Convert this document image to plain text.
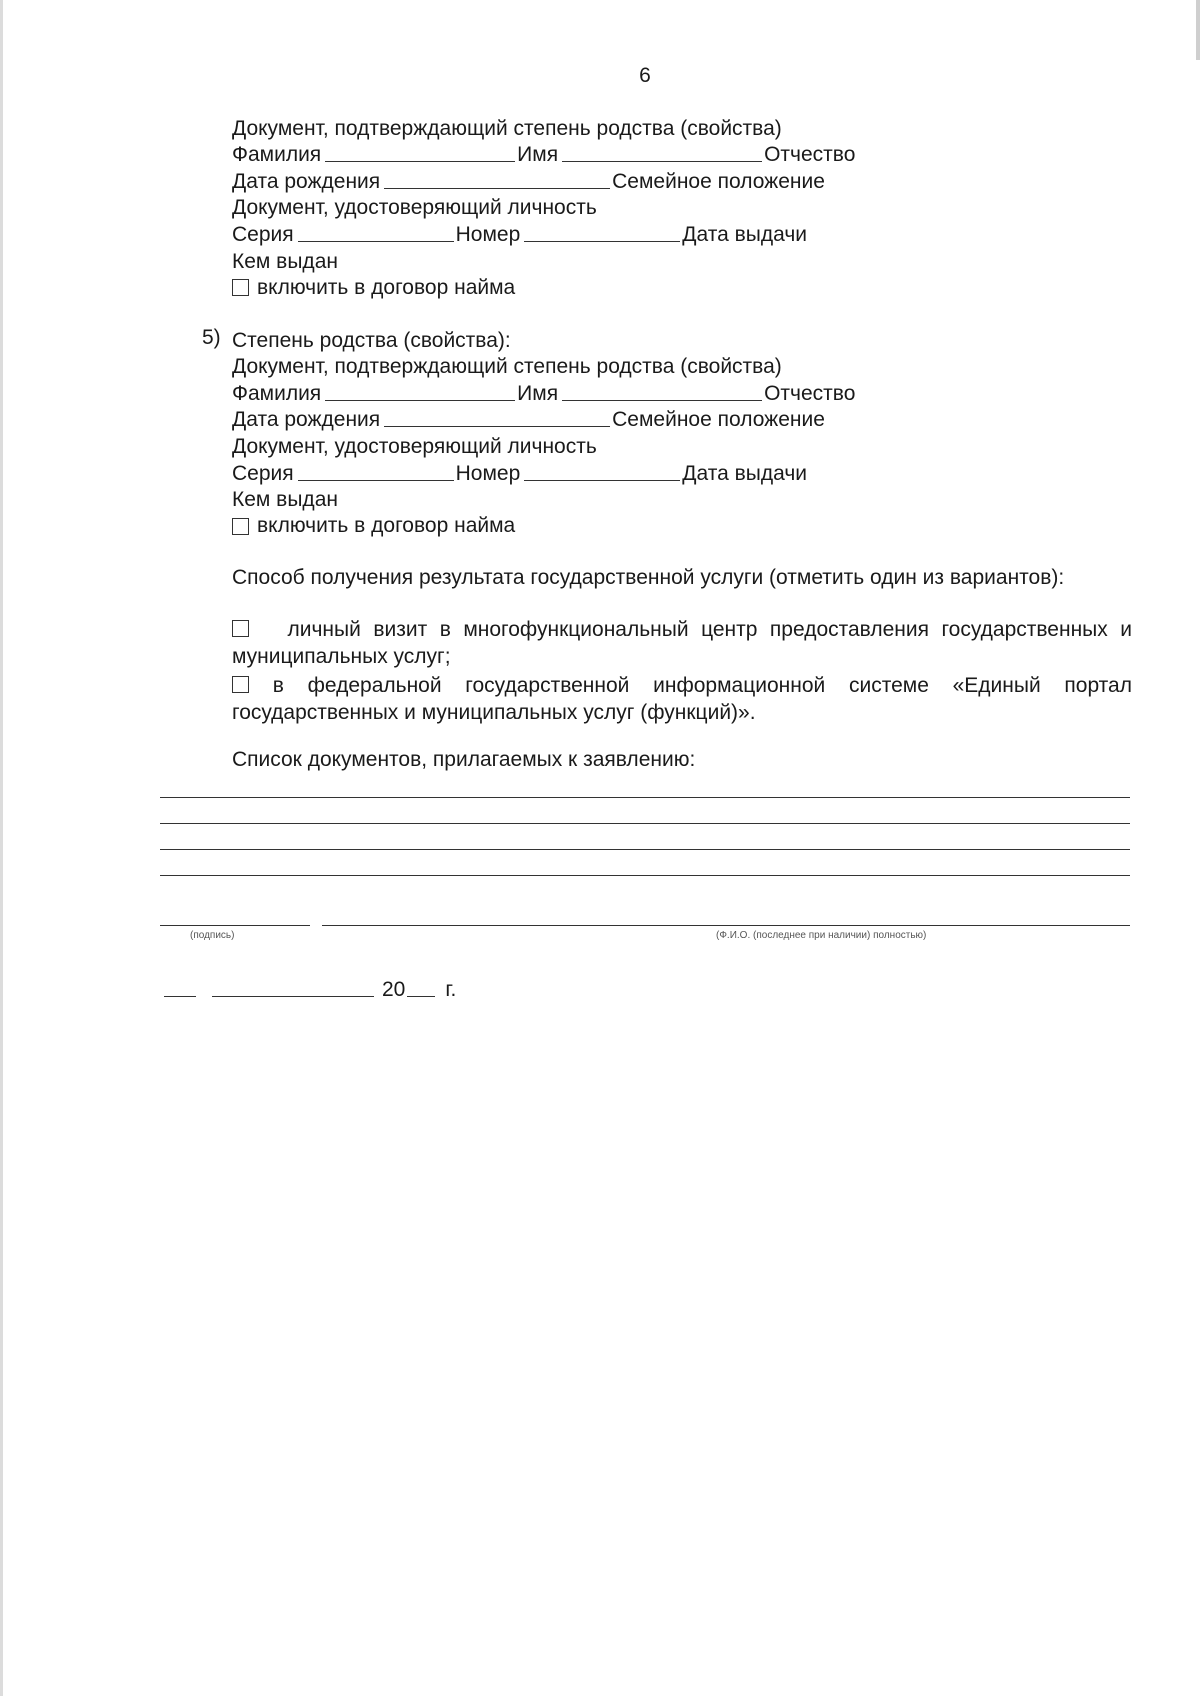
6
Документ, подтверждающий степень родства (свойства)
Фамилия	Имя	Отчество
Дата рождения	Семейное положение
Документ, удостоверяющий личность
Серия	Номер	Дата выдачи
Кем выдан
включить в договор найма
5) Степень родства (свойства):
Документ, подтверждающий степень родства (свойства)
Фамилия	Имя	Отчество
Дата рождения	Семейное положение
Документ, удостоверяющий личность
Серия	Номер	Дата выдачи
Кем выдан
включить в договор найма
Способ получения результата государственной услуги (отметить один из вариантов):
личный визит в многофункциональный центр предоставления государственных и муниципальных услуг;
в федеральной государственной информационной системе «Единый портал государственных и муниципальных услуг (функций)».
Список документов, прилагаемых к заявлению:
(подпись)	(Ф.И.О. (последнее при наличии) полностью)
20 г.
